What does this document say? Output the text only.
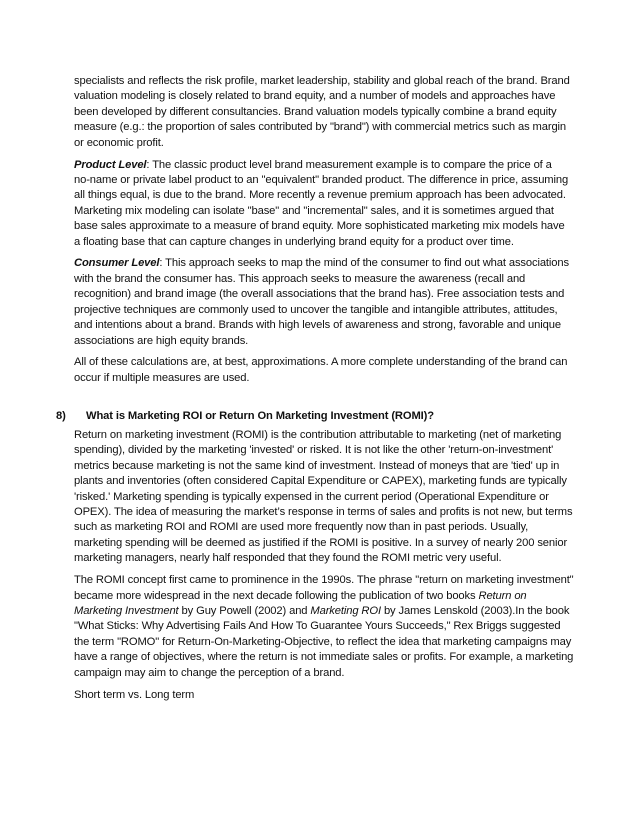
specialists and reflects the risk profile, market leadership, stability and global reach of the brand. Brand valuation modeling is closely related to brand equity, and a number of models and approaches have been developed by different consultancies. Brand valuation models typically combine a brand equity measure (e.g.: the proportion of sales contributed by "brand") with commercial metrics such as margin or economic profit.

Product Level: The classic product level brand measurement example is to compare the price of a no-name or private label product to an "equivalent" branded product. The difference in price, assuming all things equal, is due to the brand. More recently a revenue premium approach has been advocated. Marketing mix modeling can isolate "base" and "incremental" sales, and it is sometimes argued that base sales approximate to a measure of brand equity. More sophisticated marketing mix models have a floating base that can capture changes in underlying brand equity for a product over time.

Consumer Level: This approach seeks to map the mind of the consumer to find out what associations with the brand the consumer has. This approach seeks to measure the awareness (recall and recognition) and brand image (the overall associations that the brand has). Free association tests and projective techniques are commonly used to uncover the tangible and intangible attributes, attitudes, and intentions about a brand. Brands with high levels of awareness and strong, favorable and unique associations are high equity brands.

All of these calculations are, at best, approximations. A more complete understanding of the brand can occur if multiple measures are used.

8) What is Marketing ROI or Return On Marketing Investment (ROMI)?

Return on marketing investment (ROMI) is the contribution attributable to marketing (net of marketing spending), divided by the marketing 'invested' or risked. It is not like the other 'return-on-investment' metrics because marketing is not the same kind of investment. Instead of moneys that are 'tied' up in plants and inventories (often considered Capital Expenditure or CAPEX), marketing funds are typically 'risked.' Marketing spending is typically expensed in the current period (Operational Expenditure or OPEX). The idea of measuring the market’s response in terms of sales and profits is not new, but terms such as marketing ROI and ROMI are used more frequently now than in past periods. Usually, marketing spending will be deemed as justified if the ROMI is positive. In a survey of nearly 200 senior marketing managers, nearly half responded that they found the ROMI metric very useful.

The ROMI concept first came to prominence in the 1990s. The phrase "return on marketing investment" became more widespread in the next decade following the publication of two books Return on Marketing Investment by Guy Powell (2002) and Marketing ROI by James Lenskold (2003).In the book "What Sticks: Why Advertising Fails And How To Guarantee Yours Succeeds," Rex Briggs suggested the term "ROMO" for Return-On-Marketing-Objective, to reflect the idea that marketing campaigns may have a range of objectives, where the return is not immediate sales or profits. For example, a marketing campaign may aim to change the perception of a brand.

Short term vs. Long term
